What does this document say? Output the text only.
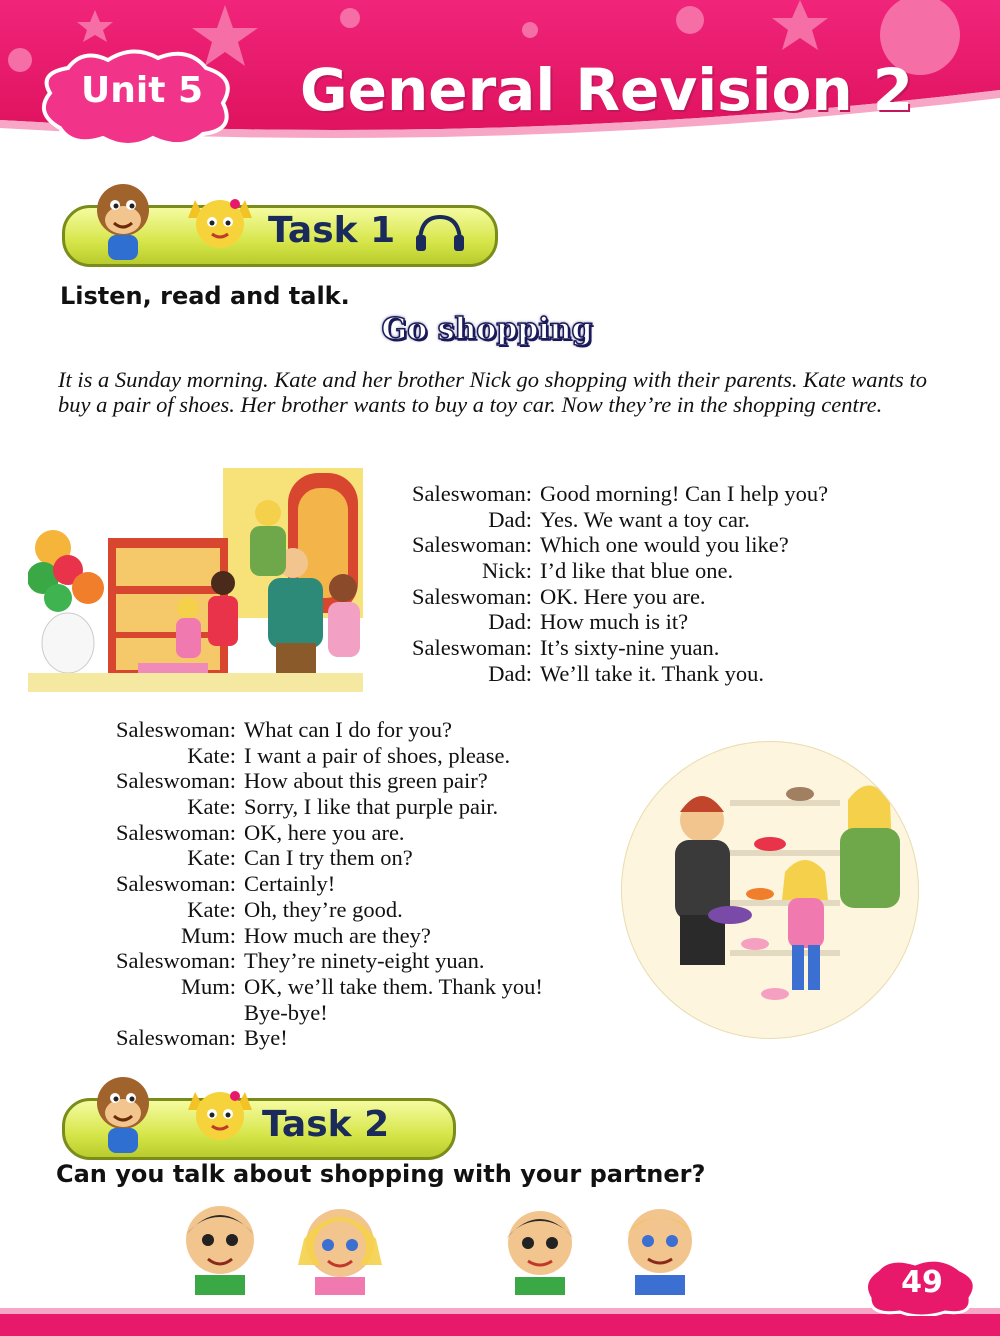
Unit 5	General Revision 2
Task 1
Listen, read and talk.
Go shopping
It is a Sunday morning. Kate and her brother Nick go shopping with their parents. Kate wants to buy a pair of shoes. Her brother wants to buy a toy car. Now they’re in the shopping centre.
Saleswoman: Good morning! Can I help you?
Dad: Yes. We want a toy car.
Saleswoman: Which one would you like?
Nick: I’d like that blue one.
Saleswoman: OK. Here you are.
Dad: How much is it?
Saleswoman: It’s sixty-nine yuan.
Dad: We’ll take it. Thank you.
Saleswoman: What can I do for you?
Kate: I want a pair of shoes, please.
Saleswoman: How about this green pair?
Kate: Sorry, I like that purple pair.
Saleswoman: OK, here you are.
Kate: Can I try them on?
Saleswoman: Certainly!
Kate: Oh, they’re good.
Mum: How much are they?
Saleswoman: They’re ninety-eight yuan.
Mum: OK, we’ll take them. Thank you!
Bye-bye!
Saleswoman: Bye!
Task 2
Can you talk about shopping with your partner?
49
